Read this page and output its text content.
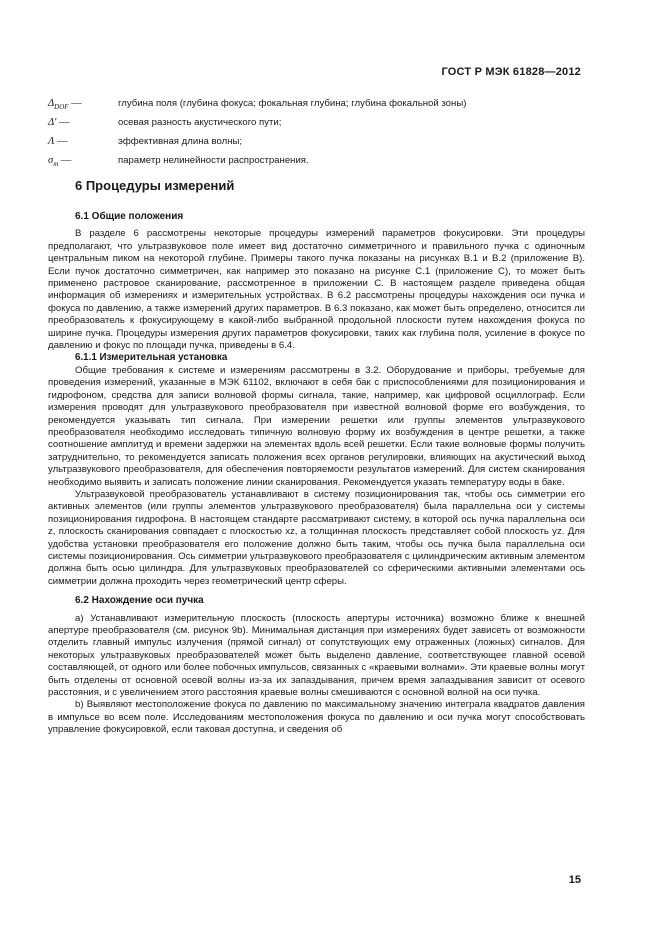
ГОСТ Р МЭК 61828—2012
$\Delta_{DOF}$ —	глубина поля (глубина фокуса; фокальная глубина; глубина фокальной зоны)
Δ′ —	осевая разность акустического пути;
Λ —	эффективная длина волны;
$\sigma_m$ —	параметр нелинейности распространения.
6 Процедуры измерений
6.1 Общие положения

В разделе 6 рассмотрены некоторые процедуры измерений параметров фокусировки. Эти процедуры предполагают, что ультразвуковое поле имеет вид достаточно симметричного и правильного пучка с одиночным центральным пиком на некоторой глубине. Примеры такого пучка показаны на рисунках В.1 и В.2 (приложение В). Если пучок достаточно симметричен, как например это показано на рисунке С.1 (приложение С), то может быть применено растровое сканирование, рассмотренное в приложении С. В настоящем разделе приведена общая информация об измерениях и измерительных устройствах. В 6.2 рассмотрены процедуры нахождения оси пучка и фокуса по давлению, а также измерений других параметров. В 6.3 показано, как может быть определено, относится ли преобразователь к фокусирующему в какой-либо выбранной продольной плоскости путем нахождения фокуса по ширине пучка. Процедуры измерения других параметров фокусировки, таких как глубина поля, усиление в фокусе по давлению и фокус по площади пучка, приведены в 6.4.

6.1.1 Измерительная установка

Общие требования к системе и измерениям рассмотрены в 3.2. Оборудование и приборы, требуемые для проведения измерений, указанные в МЭК 61102, включают в себя бак с приспособлениями для позиционирования и гидрофоном, средства для записи волновой формы сигнала, такие, например, как цифровой осциллограф. Если измерения проводят для ультразвукового преобразователя при известной волновой форме его возбуждения, то рекомендуется указывать тип сигнала. При измерении решетки или группы элементов ультразвукового преобразователя необходимо исследовать типичную волновую форму их возбуждения в центре решетки, а также соотношение амплитуд и времени задержки на элементах вдоль всей решетки. Если такие волновые формы получить затруднительно, то рекомендуется записать положения всех органов регулировки, влияющих на акустический выход ультразвукового преобразователя, для обеспечения повторяемости результатов измерений. Для систем сканирования необходимо выявить и записать положение линии сканирования. Рекомендуется указать температуру воды в баке.

Ультразвуковой преобразователь устанавливают в систему позиционирования так, чтобы ось симметрии его активных элементов (или группы элементов ультразвукового преобразователя) была параллельна оси y системы позиционирования гидрофона. В настоящем стандарте рассматривают систему, в которой ось пучка параллельна оси z, плоскость сканирования совпадает с плоскостью xz, а толщинная плоскость представляет собой плоскость yz. Для удобства установки преобразователя его положение должно быть таким, чтобы ось пучка была параллельна оси системы позиционирования. Ось симметрии ультразвукового преобразователя с цилиндрическим активным элементом должна быть осью цилиндра. Для ультразвуковых преобразователей со сферическими активными элементами ось симметрии должна проходить через геометрический центр сферы.

6.2 Нахождение оси пучка

а) Устанавливают измерительную плоскость (плоскость апертуры источника) возможно ближе к внешней апертуре преобразователя (см. рисунок 9b). Минимальная дистанция при измерениях будет зависеть от возможности отделить главный импульс излучения (прямой сигнал) от сопутствующих ему отраженных (ложных) сигналов. Для некоторых ультразвуковых преобразователей может быть выделено давление, соответствующее главной осевой составляющей, от одного или более побочных импульсов, связанных с «краевыми волнами». Эти краевые волны могут быть отделены от основной осевой волны из-за их запаздывания, причем время запаздывания зависит от осевого расстояния, и с увеличением этого расстояния краевые волны смешиваются с основной волной на оси пучка.

b) Выявляют местоположение фокуса по давлению по максимальному значению интеграла квадратов давления в импульсе во всем поле. Исследованиям местоположения фокуса по давлению и оси пучка могут способствовать управление фокусировкой, если таковая доступна, и сведения об

15
